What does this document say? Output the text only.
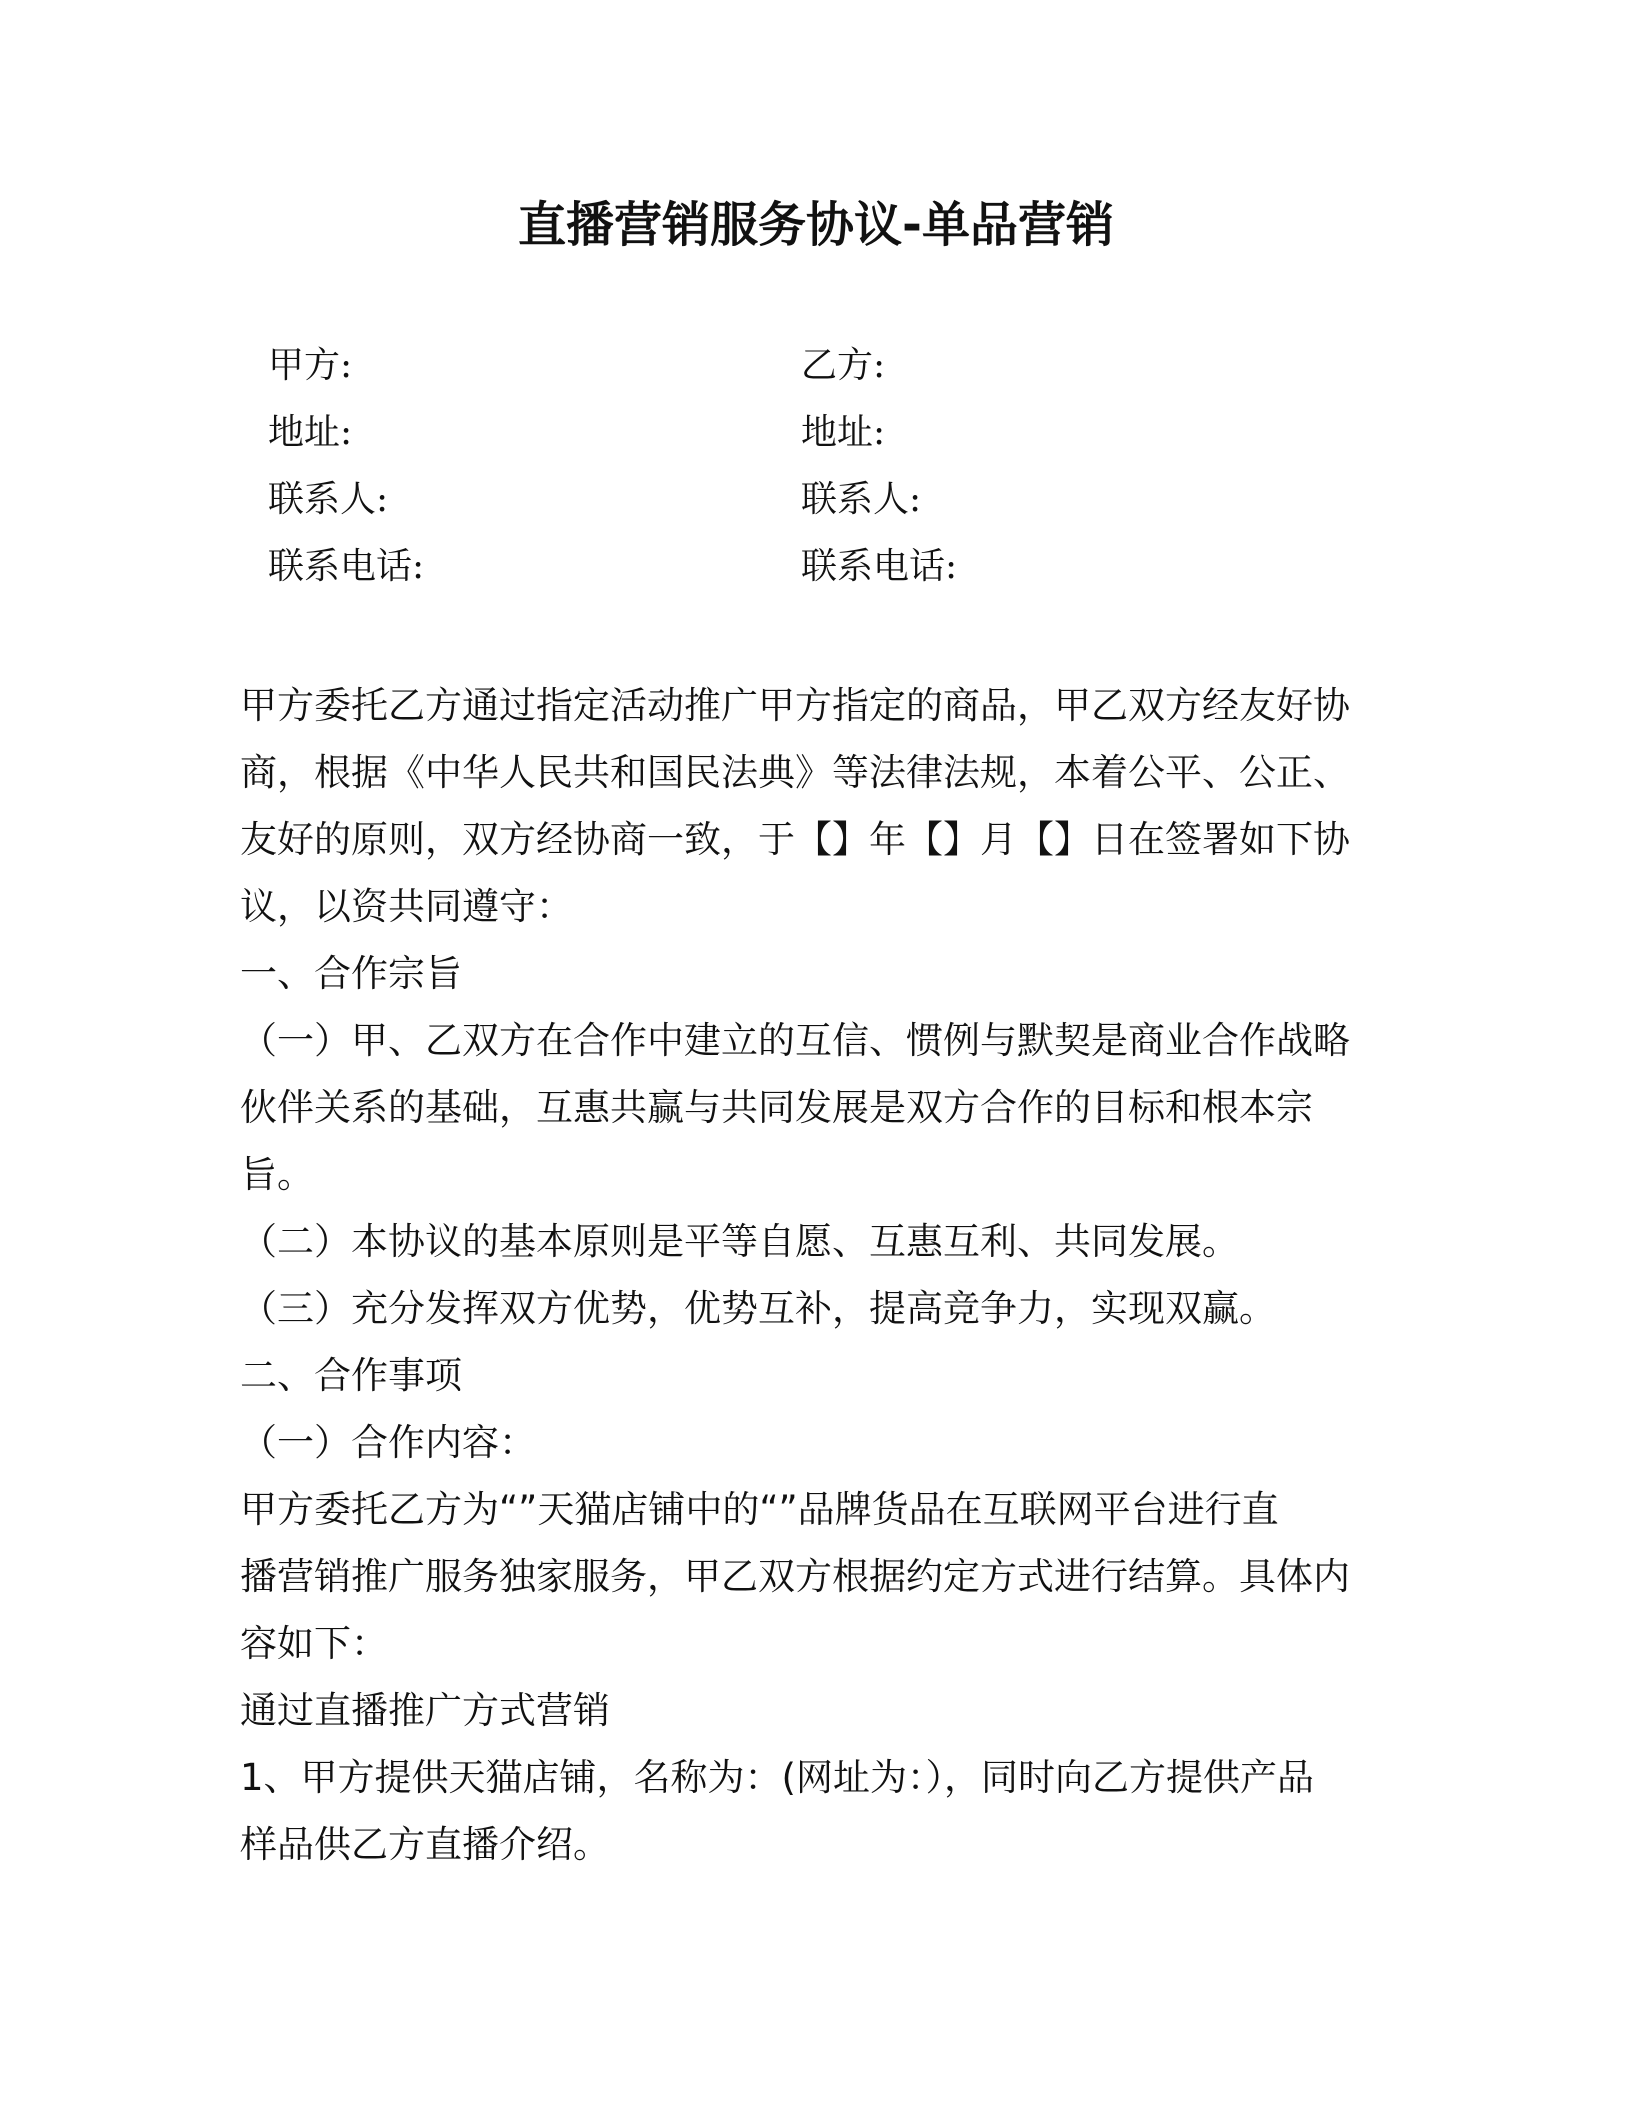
直播营销服务协议-单品营销
甲方:	乙方:
地址:	地址:
联系人:	联系人:
联系电话:	联系电话:
甲方委托乙方通过指定活动推广甲方指定的商品，甲乙双方经友好协
商，根据《中华人民共和国民法典》等法律法规，本着公平、公正、
友好的原则，双方经协商一致，于【】年【】月【】日在签署如下协
议，以资共同遵守：
一、合作宗旨
（一）甲、乙双方在合作中建立的互信、惯例与默契是商业合作战略
伙伴关系的基础，互惠共赢与共同发展是双方合作的目标和根本宗
旨。
（二）本协议的基本原则是平等自愿、互惠互利、共同发展。
（三）充分发挥双方优势，优势互补，提高竞争力，实现双赢。
二、合作事项
（一）合作内容：
甲方委托乙方为“”天猫店铺中的“”品牌货品在互联网平台进行直
播营销推广服务独家服务，甲乙双方根据约定方式进行结算。具体内
容如下：
通过直播推广方式营销
1、甲方提供天猫店铺，名称为：(网址为：），同时向乙方提供产品
样品供乙方直播介绍。
